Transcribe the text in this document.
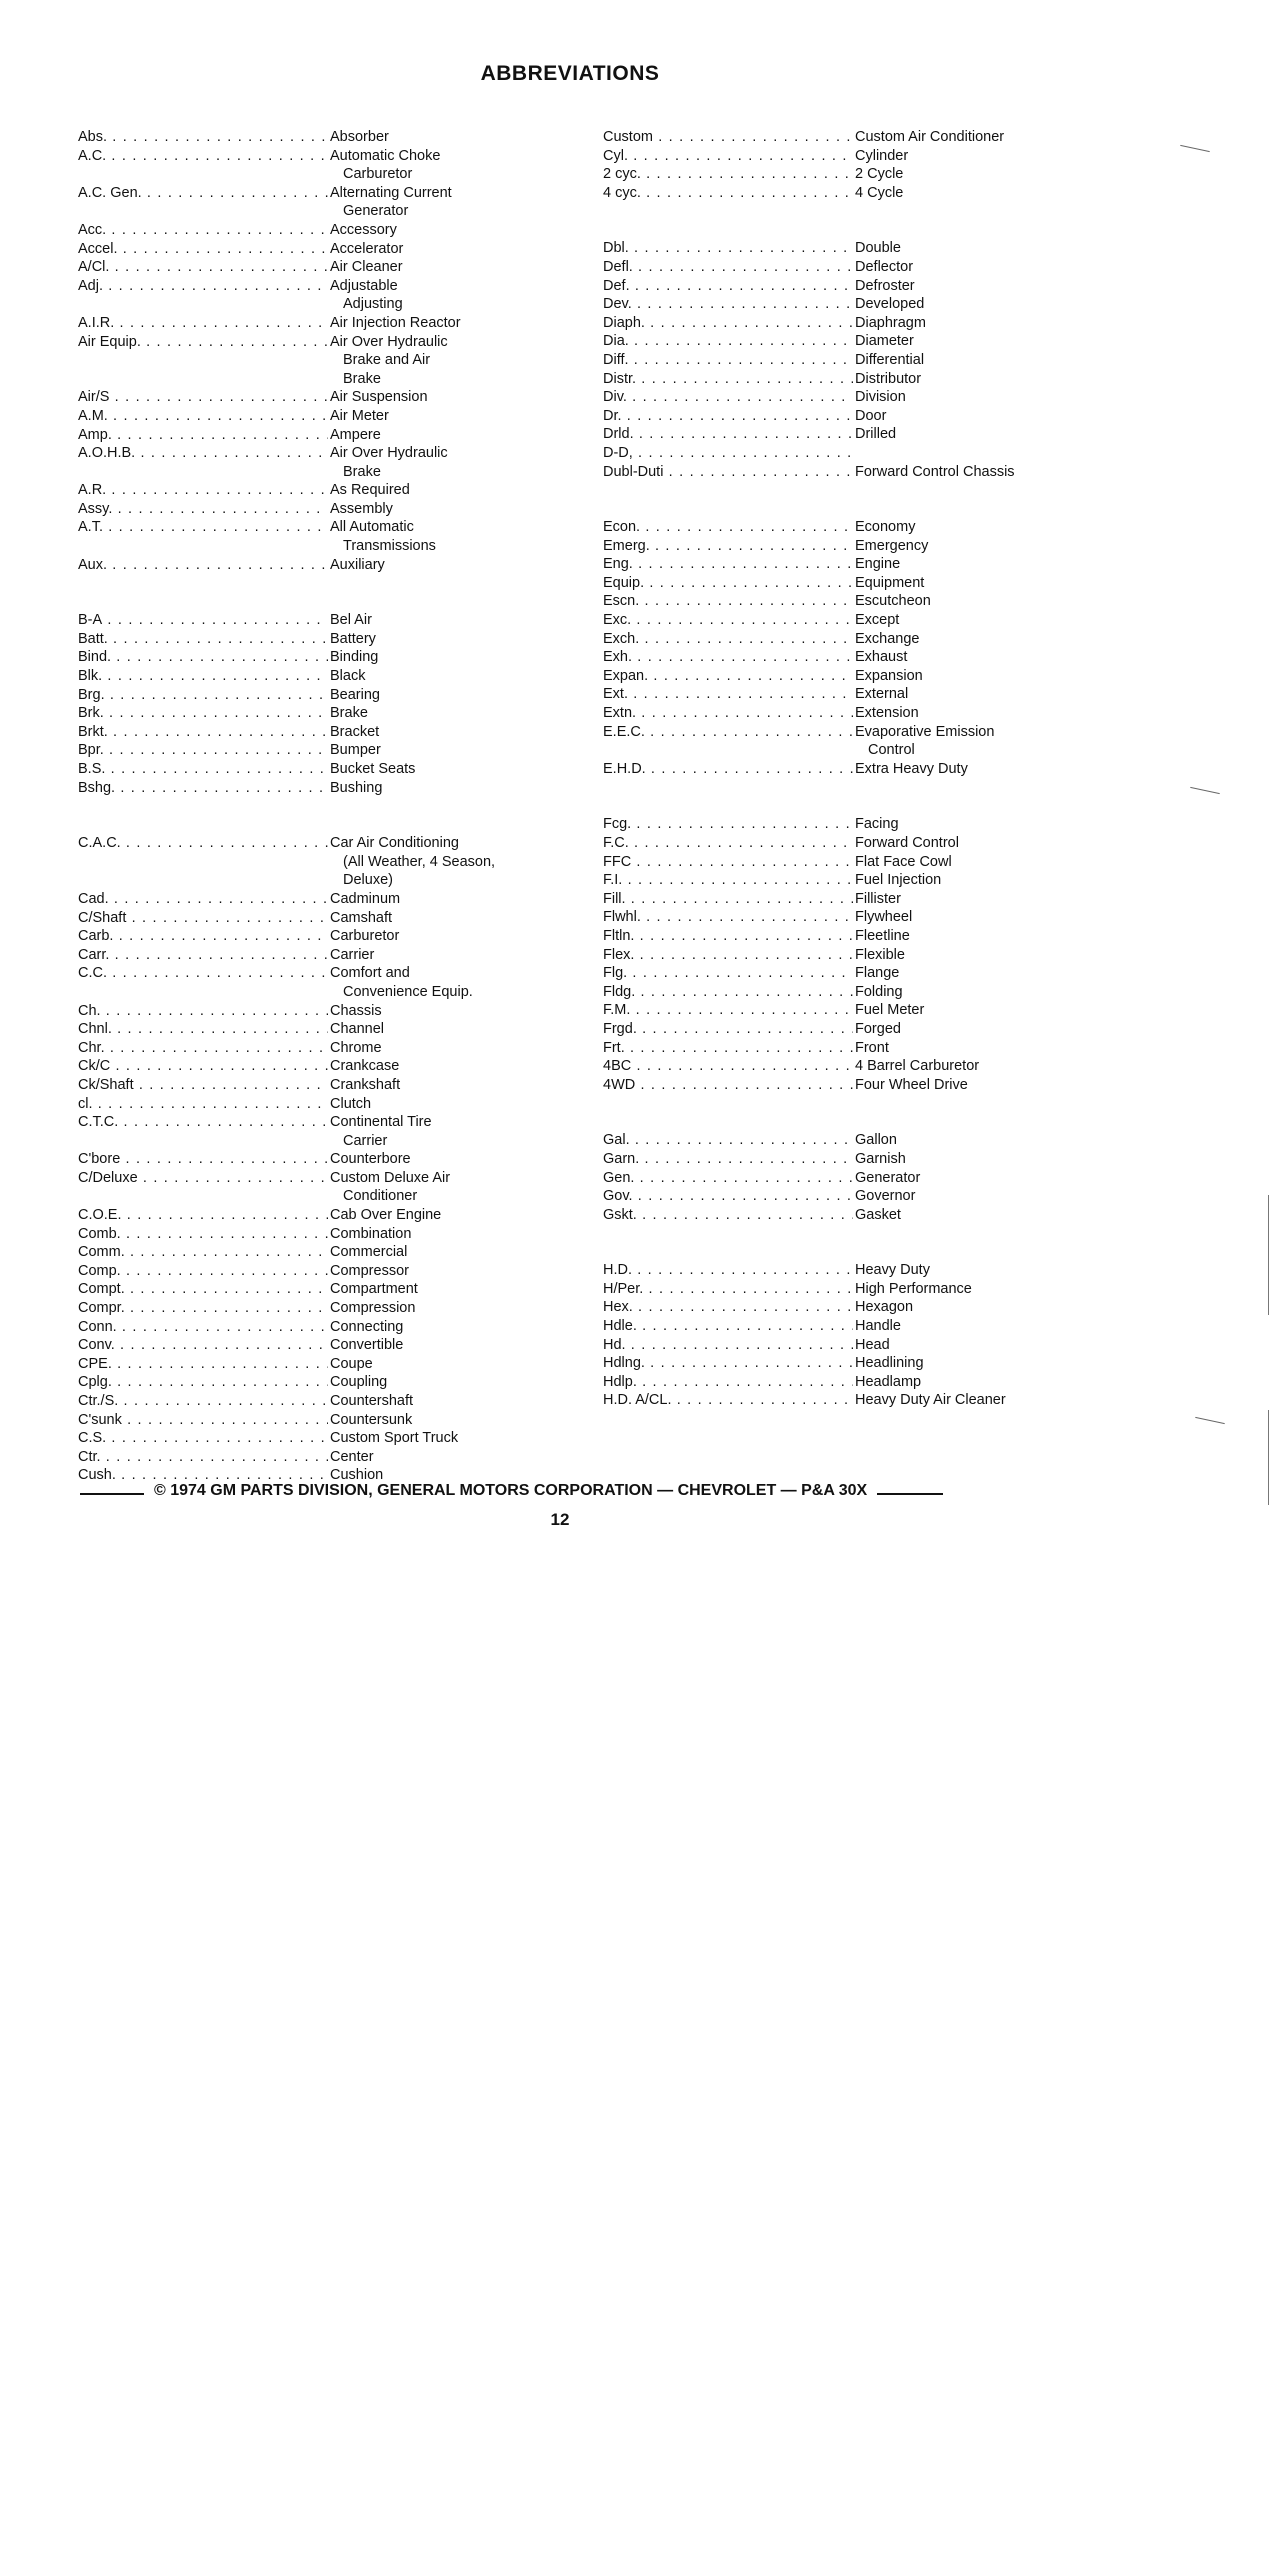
ABBREVIATIONS
Abs. . . .	Absorber
A.C. . . .	Automatic Choke
Carburetor
A.C. Gen. . . .	Alternating Current
Generator
Acc. . . .	Accessory
Accel. . . .	Accelerator
A/Cl. . . .	Air Cleaner
Adj. . . .	Adjustable
Adjusting
A.I.R. . . .	Air Injection Reactor
Air Equip. . . .	Air Over Hydraulic
Brake and Air
Brake
Air/S . . .	Air Suspension
A.M. . . .	Air Meter
Amp. . . .	Ampere
A.O.H.B. . . .	Air Over Hydraulic
Brake
A.R. . . .	As Required
Assy. . . .	Assembly
A.T. . . .	All Automatic
Transmissions
Aux. . . .	Auxiliary
B-A . . .	Bel Air
Batt. . . .	Battery
Bind. . . .	Binding
Blk. . . .	Black
Brg. . . .	Bearing
Brk. . . .	Brake
Brkt. . . .	Bracket
Bpr. . . .	Bumper
B.S. . . .	Bucket Seats
Bshg. . . .	Bushing
C.A.C. . . .	Car Air Conditioning
(All Weather, 4 Season,
Deluxe)
Cad. . . .	Cadminum
C/Shaft . . .	Camshaft
Carb. . . .	Carburetor
Carr. . . .	Carrier
C.C. . . .	Comfort and
Convenience Equip.
Ch. . . .	Chassis
Chnl. . . .	Channel
Chr. . . .	Chrome
Ck/C . . .	Crankcase
Ck/Shaft . . .	Crankshaft
cl. . . .	Clutch
C.T.C. . . .	Continental Tire
Carrier
C'bore . . .	Counterbore
C/Deluxe . . .	Custom Deluxe Air
Conditioner
C.O.E. . . .	Cab Over Engine
Comb. . . .	Combination
Comm. . . .	Commercial
Comp. . . .	Compressor
Compt. . . .	Compartment
Compr. . . .	Compression
Conn. . . .	Connecting
Conv. . . .	Convertible
CPE. . . .	Coupe
Cplg. . . .	Coupling
Ctr./S. . . .	Countershaft
C'sunk . . .	Countersunk
C.S. . . .	Custom Sport Truck
Ctr. . . .	Center
Cush. . . .	Cushion
Custom . . .	Custom Air Conditioner
Cyl. . . .	Cylinder
2 cyc. . . .	2 Cycle
4 cyc. . . .	4 Cycle
Dbl. . . .	Double
Defl. . . .	Deflector
Def. . . .	Defroster
Dev. . . .	Developed
Diaph. . . .	Diaphragm
Dia. . . .	Diameter
Diff. . . .	Differential
Distr. . . .	Distributor
Div. . . .	Division
Dr. . . .	Door
Drld. . . .	Drilled
D-D, . . .
Dubl-Duti . . .	Forward Control Chassis
Econ. . . .	Economy
Emerg. . . .	Emergency
Eng. . . .	Engine
Equip. . . .	Equipment
Escn. . . .	Escutcheon
Exc. . . .	Except
Exch. . . .	Exchange
Exh. . . .	Exhaust
Expan. . . .	Expansion
Ext. . . .	External
Extn. . . .	Extension
E.E.C. . . .	Evaporative Emission
Control
E.H.D. . . .	Extra Heavy Duty
Fcg. . . .	Facing
F.C. . . .	Forward Control
FFC . . .	Flat Face Cowl
F.I. . . .	Fuel Injection
Fill. . . .	Fillister
Flwhl. . . .	Flywheel
Fltln. . . .	Fleetline
Flex. . . .	Flexible
Flg. . . .	Flange
Fldg. . . .	Folding
F.M. . . .	Fuel Meter
Frgd. . . .	Forged
Frt. . . .	Front
4BC . . .	4 Barrel Carburetor
4WD . . .	Four Wheel Drive
Gal. . . .	Gallon
Garn. . . .	Garnish
Gen. . . .	Generator
Gov. . . .	Governor
Gskt. . . .	Gasket
H.D. . . .	Heavy Duty
H/Per. . . .	High Performance
Hex. . . .	Hexagon
Hdle. . . .	Handle
Hd. . . .	Head
Hdlng. . . .	Headlining
Hdlp. . . .	Headlamp
H.D. A/CL. . . .	Heavy Duty Air Cleaner
© 1974 GM PARTS DIVISION, GENERAL MOTORS CORPORATION — CHEVROLET — P&A 30X
12
